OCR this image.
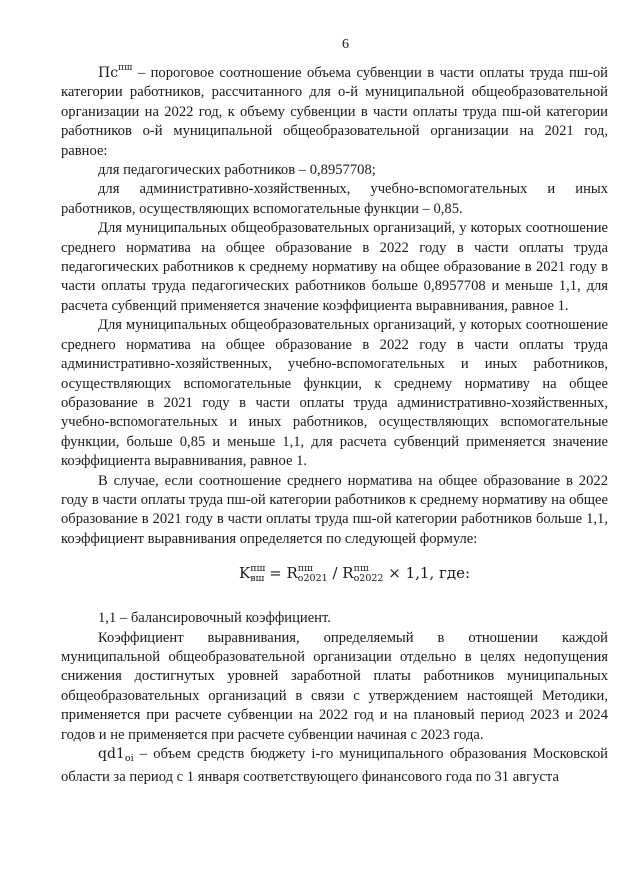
6

$Пс^{пш}$ – пороговое соотношение объема субвенции в части оплаты труда пш-ой категории работников, рассчитанного для о-й муниципальной общеобразовательной организации на 2022 год, к объему субвенции в части оплаты труда пш-ой категории работников о-й муниципальной общеобразовательной организации на 2021 год, равное:

для педагогических работников – 0,8957708;

для административно-хозяйственных, учебно-вспомогательных и иных работников, осуществляющих вспомогательные функции – 0,85.

Для муниципальных общеобразовательных организаций, у которых соотношение среднего норматива на общее образование в 2022 году в части оплаты труда педагогических работников к среднему нормативу на общее образование в 2021 году в части оплаты труда педагогических работников больше 0,8957708 и меньше 1,1, для расчета субвенций применяется значение коэффициента выравнивания, равное 1.

Для муниципальных общеобразовательных организаций, у которых соотношение среднего норматива на общее образование в 2022 году в части оплаты труда административно-хозяйственных, учебно-вспомогательных и иных работников, осуществляющих вспомогательные функции, к среднему нормативу на общее образование в 2021 году в части оплаты труда административно-хозяйственных, учебно-вспомогательных и иных работников, осуществляющих вспомогательные функции, больше 0,85 и меньше 1,1, для расчета субвенций применяется значение коэффициента выравнивания, равное 1.

В случае, если соотношение среднего норматива на общее образование в 2022 году в части оплаты труда пш-ой категории работников к среднему нормативу на общее образование в 2021 году в части оплаты труда пш-ой категории работников больше 1,1, коэффициент выравнивания определяется по следующей формуле:

K пш
$_{вш}$ = R пш
$_{o2021}$ / R пш
$_{o2022}$ × 1,1, где:

1,1 – балансировочный коэффициент.

Коэффициент выравнивания, определяемый в отношении каждой муниципальной общеобразовательной организации отдельно в целях недопущения снижения достигнутых уровней заработной платы работников муниципальных общеобразовательных организаций в связи с утверждением настоящей Методики, применяется при расчете субвенции на 2022 год и на плановый период 2023 и 2024 годов и не применяется при расчете субвенции начиная с 2023 года.

$qd1_{oi}$ – объем средств бюджету i-го муниципального образования Московской области за период с 1 января соответствующего финансового года по 31 августа
